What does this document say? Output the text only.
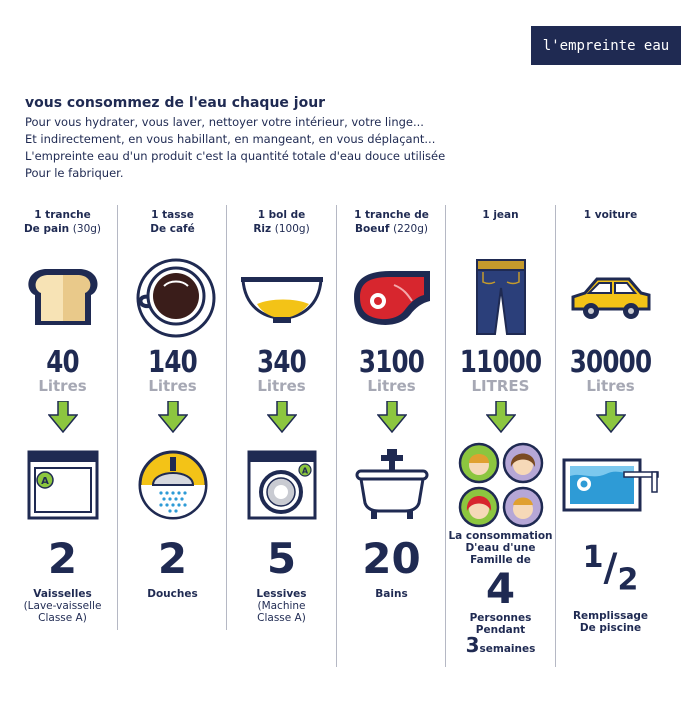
l'empreinte eau
vous consommez de l'eau chaque jour

Pour vous hydrater, vous laver, nettoyer votre intérieur, votre linge...

Et indirectement, en vous habillant, en mangeant, en vous déplaçant...

L'empreinte eau d'un produit c'est la quantité totale d'eau douce utilisée

Pour le fabriquer.

1 tranche
De pain (30g)
40
Litres
A
2
Vaisselles
(Lave-vaisselle
Classe A)
1 tasse
De café
140
Litres
2
Douches
1 bol de
Riz (100g)
340
Litres
A
5
Lessives
(Machine
Classe A)
1 tranche de
Boeuf (220g)
3100
Litres
20
Bains
1 jean
11000
LITRES
La consommation
D'eau d'une
Famille de
4
Personnes
Pendant
3semaines
1 voiture
30000
Litres
$^1/_2$
Remplissage
De piscine
